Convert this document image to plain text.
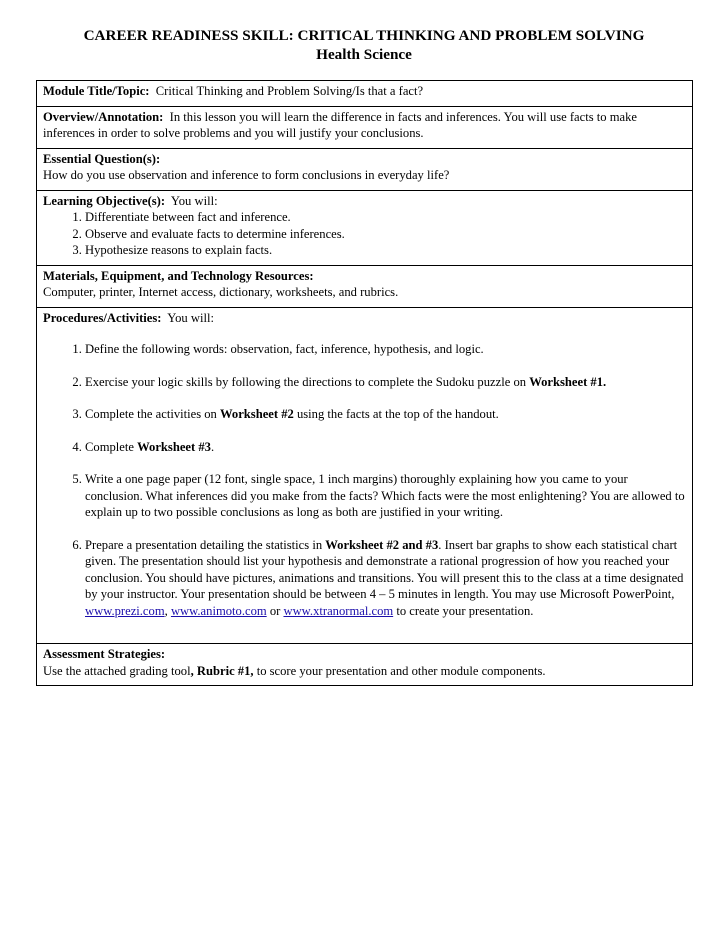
CAREER READINESS SKILL: CRITICAL THINKING AND PROBLEM SOLVING
Health Science
Module Title/Topic: Critical Thinking and Problem Solving/Is that a fact?
Overview/Annotation: In this lesson you will learn the difference in facts and inferences. You will use facts to make inferences in order to solve problems and you will justify your conclusions.

Essential Question(s):
How do you use observation and inference to form conclusions in everyday life?

Learning Objective(s): You will:
1. Differentiate between fact and inference.
2. Observe and evaluate facts to determine inferences.
3. Hypothesize reasons to explain facts.

Materials, Equipment, and Technology Resources:
Computer, printer, Internet access, dictionary, worksheets, and rubrics.

Procedures/Activities: You will:
1. Define the following words: observation, fact, inference, hypothesis, and logic.
2. Exercise your logic skills by following the directions to complete the Sudoku puzzle on Worksheet #1.
3. Complete the activities on Worksheet #2 using the facts at the top of the handout.
4. Complete Worksheet #3.
5. Write a one page paper (12 font, single space, 1 inch margins) thoroughly explaining how you came to your conclusion. What inferences did you make from the facts? Which facts were the most enlightening? You are allowed to explain up to two possible conclusions as long as both are justified in your writing.
6. Prepare a presentation detailing the statistics in Worksheet #2 and #3. Insert bar graphs to show each statistical chart given. The presentation should list your hypothesis and demonstrate a rational progression of how you reached your conclusion. You should have pictures, animations and transitions. You will present this to the class at a time designated by your instructor. Your presentation should be between 4 – 5 minutes in length. You may use Microsoft PowerPoint, www.prezi.com, www.animoto.com or www.xtranormal.com to create your presentation.

Assessment Strategies:
Use the attached grading tool, Rubric #1, to score your presentation and other module components.
